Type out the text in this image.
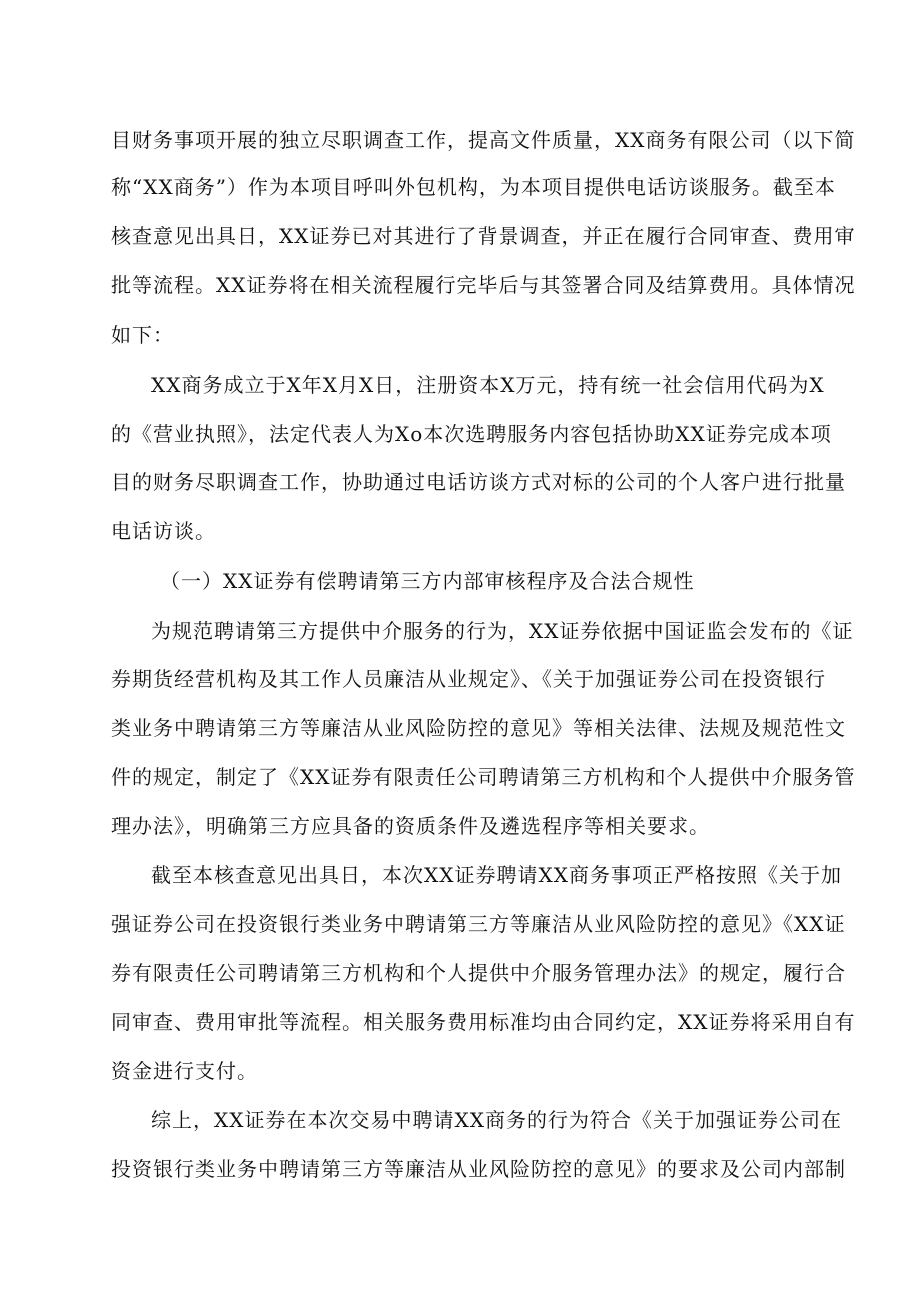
目财务事项开展的独立尽职调查工作，提高文件质量，XX商务有限公司（以下简
称“XX商务”）作为本项目呼叫外包机构，为本项目提供电话访谈服务。截至本
核查意见出具日，XX证券已对其进行了背景调查，并正在履行合同审查、费用审
批等流程。XX证券将在相关流程履行完毕后与其签署合同及结算费用。具体情况
如下：
XX商务成立于X年X月X日，注册资本X万元，持有统一社会信用代码为X
的《营业执照》，法定代表人为Xo本次选聘服务内容包括协助XX证券完成本项
目的财务尽职调查工作，协助通过电话访谈方式对标的公司的个人客户进行批量
电话访谈。
（一）XX证券有偿聘请第三方内部审核程序及合法合规性
为规范聘请第三方提供中介服务的行为，XX证券依据中国证监会发布的《证
券期货经营机构及其工作人员廉洁从业规定》、《关于加强证券公司在投资银行
类业务中聘请第三方等廉洁从业风险防控的意见》等相关法律、法规及规范性文
件的规定，制定了《XX证券有限责任公司聘请第三方机构和个人提供中介服务管
理办法》，明确第三方应具备的资质条件及遴选程序等相关要求。
截至本核查意见出具日，本次XX证券聘请XX商务事项正严格按照《关于加
强证券公司在投资银行类业务中聘请第三方等廉洁从业风险防控的意见》《XX证
券有限责任公司聘请第三方机构和个人提供中介服务管理办法》的规定，履行合
同审查、费用审批等流程。相关服务费用标准均由合同约定，XX证券将采用自有
资金进行支付。
综上，XX证券在本次交易中聘请XX商务的行为符合《关于加强证券公司在
投资银行类业务中聘请第三方等廉洁从业风险防控的意见》的要求及公司内部制
